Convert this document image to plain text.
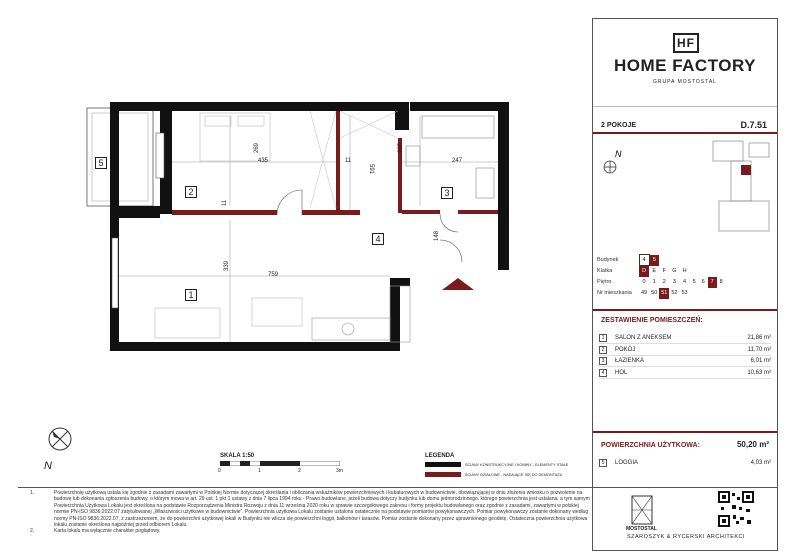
269
435	11
591
265
247
11
148
339
759
1
2	3
4
5
N
SKALA 1:50
0	1	2	3m
LEGENDA
ŚCIANY KONSTRUKCYJNE I KOMINY - ELEMENTY STAŁE
ŚCIANY DZIAŁOWE - NADAJĄCE SIĘ DO DEMONTAŻU
HF
HOME FACTORY
GRUPA MOSTOSTAL
2 POKOJE	D.7.51
N
Budynek	4	5							
Klatka	D	E	F	G	H				
Piętro	0	1	2	3	4	5	6	7	8
Nr mieszkania	49	50	51	52	53				
ZESTAWIENIE POMIESZCZEŃ:
1	SALON Z ANEKSEM	21,86 m²
2	POKÓJ	11,70 m²
3	ŁAZIENKA	6,01 m²
4	HOL	10,63 m²
POWIERZCHNIA UŻYTKOWA:	50,20 m²
5	LOGGIA	4,03 m²
1.	Powierzchnię użytkową ustala się zgodnie z zasadami zawartymi w Polskiej Normie dotyczącej określania i obliczania wskaźników powierzchniowych i kubaturowych w budownictwie, obowiązującej w dniu złożenia wniosku o pozwolenie na budowę lub dokonania zgłoszenia budowy, o którym mowa w art. 29 ust. 1 pkt 1 ustawy z dnia 7 lipca 1994 roku - Prawo budowlane, jeżeli budowa dotyczy budynku lub domu jednorodzinnego, którego powierzchnia jest ustalana, a tym samym Powierzchnia Użytkowa Lokalu jest określona na podstawie Rozporządzenia Ministra Rozwoju z dnia 11 września 2020 roku w sprawie szczegółowego zakresu i formy projektu budowlanego oraz zgodnie z zasadami, zawartymi w polskiej normie PN-ISO 9836:2022.07 zatytułowanej „Właściwości użytkowe w budownictwie”. Powierzchnia użytkowa Lokalu zostanie ustalona ostatecznie na podstawie pomiarów powykonawczych. Pomiar powykonawczy zostanie dokonany według normy PN-ISO 9836:2022.07, z zastrzeżeniem, że do powierzchni użytkowej lokali w Budynku nie wlicza się powierzchni loggii, balkonów i tarasów. Pomiar zostanie dokonany przez uprawnionego geodetę. Ostateczna powierzchnia użytkowa lokalu zostanie określona najpóźniej przed odbiorem Lokalu.
2.	Karta lokalu ma wyłącznie charakter poglądowy.	MOSTOSTAL
SZAROSZYK & RYCERSKI ARCHITEKCI
